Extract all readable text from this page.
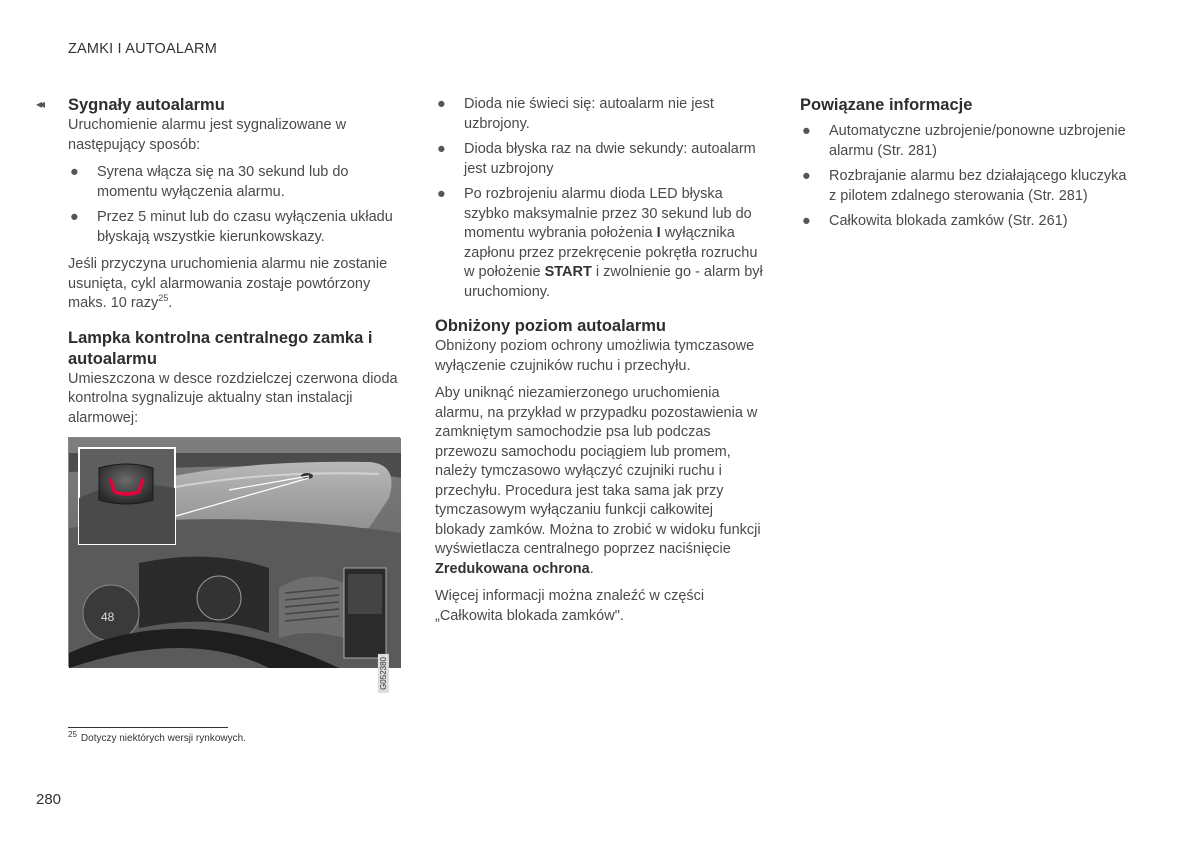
ZAMKI I AUTOALARM
◂◂ Sygnały autoalarmu

Uruchomienie alarmu jest sygnalizowane w następujący sposób:

● Syrena włącza się na 30 sekund lub do momentu wyłączenia alarmu.
● Przez 5 minut lub do czasu wyłączenia układu błyskają wszystkie kierunkowskazy.

Jeśli przyczyna uruchomienia alarmu nie zostanie usunięta, cykl alarmowania zostaje powtórzony maks. 10 razy$^{25}$.

Lampka kontrolna centralnego zamka i autoalarmu

Umieszczona w desce rozdzielczej czerwona dioda kontrolna sygnalizuje aktualny stan instalacji alarmowej:

48
G052380
● Dioda nie świeci się: autoalarm nie jest uzbrojony.
● Dioda błyska raz na dwie sekundy: autoalarm jest uzbrojony
● Po rozbrojeniu alarmu dioda LED błyska szybko maksymalnie przez 30 sekund lub do momentu wybrania położenia I wyłącznika zapłonu przez przekręcenie pokrętła rozruchu w położenie START i zwolnienie go - alarm był uruchomiony.
Obniżony poziom autoalarmu

Obniżony poziom ochrony umożliwia tymczasowe wyłączenie czujników ruchu i przechyłu.

Aby uniknąć niezamierzonego uruchomienia alarmu, na przykład w przypadku pozostawienia w zamkniętym samochodzie psa lub podczas przewozu samochodu pociągiem lub promem, należy tymczasowo wyłączyć czujniki ruchu i przechyłu. Procedura jest taka sama jak przy tymczasowym wyłączaniu funkcji całkowitej blokady zamków. Można to zrobić w widoku funkcji wyświetlacza centralnego poprzez naciśnięcie Zredukowana ochrona.

Więcej informacji można znaleźć w części „Całkowita blokada zamków".

Powiązane informacje
● Automatyczne uzbrojenie/ponowne uzbrojenie alarmu (Str. 281)
● Rozbrajanie alarmu bez działającego kluczyka z pilotem zdalnego sterowania (Str. 281)
● Całkowita blokada zamków (Str. 261)
$^{25}$ Dotyczy niektórych wersji rynkowych.
280
